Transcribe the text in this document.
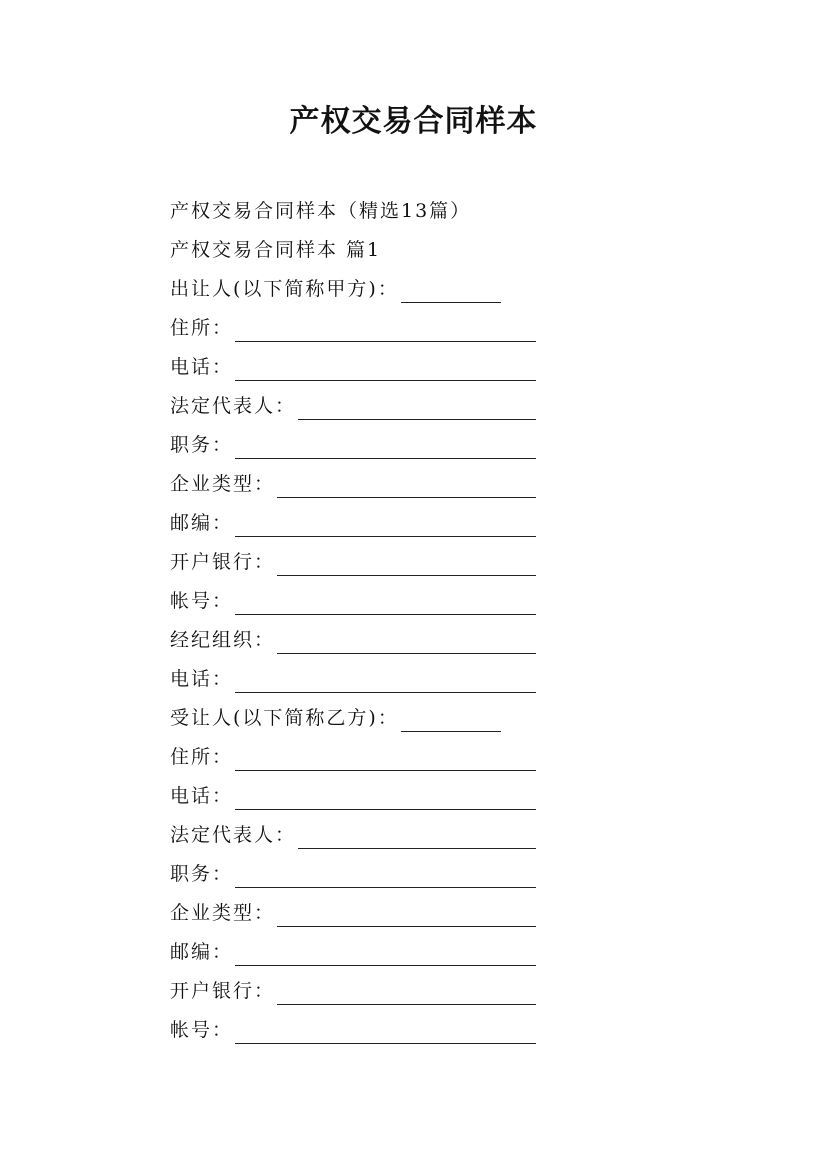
产权交易合同样本
产权交易合同样本（精选13篇）
产权交易合同样本 篇1
出让人(以下简称甲方)：
住所：
电话：
法定代表人：
职务：
企业类型：
邮编：
开户银行：
帐号：
经纪组织：
电话：
受让人(以下简称乙方)：
住所：
电话：
法定代表人：
职务：
企业类型：
邮编：
开户银行：
帐号：
